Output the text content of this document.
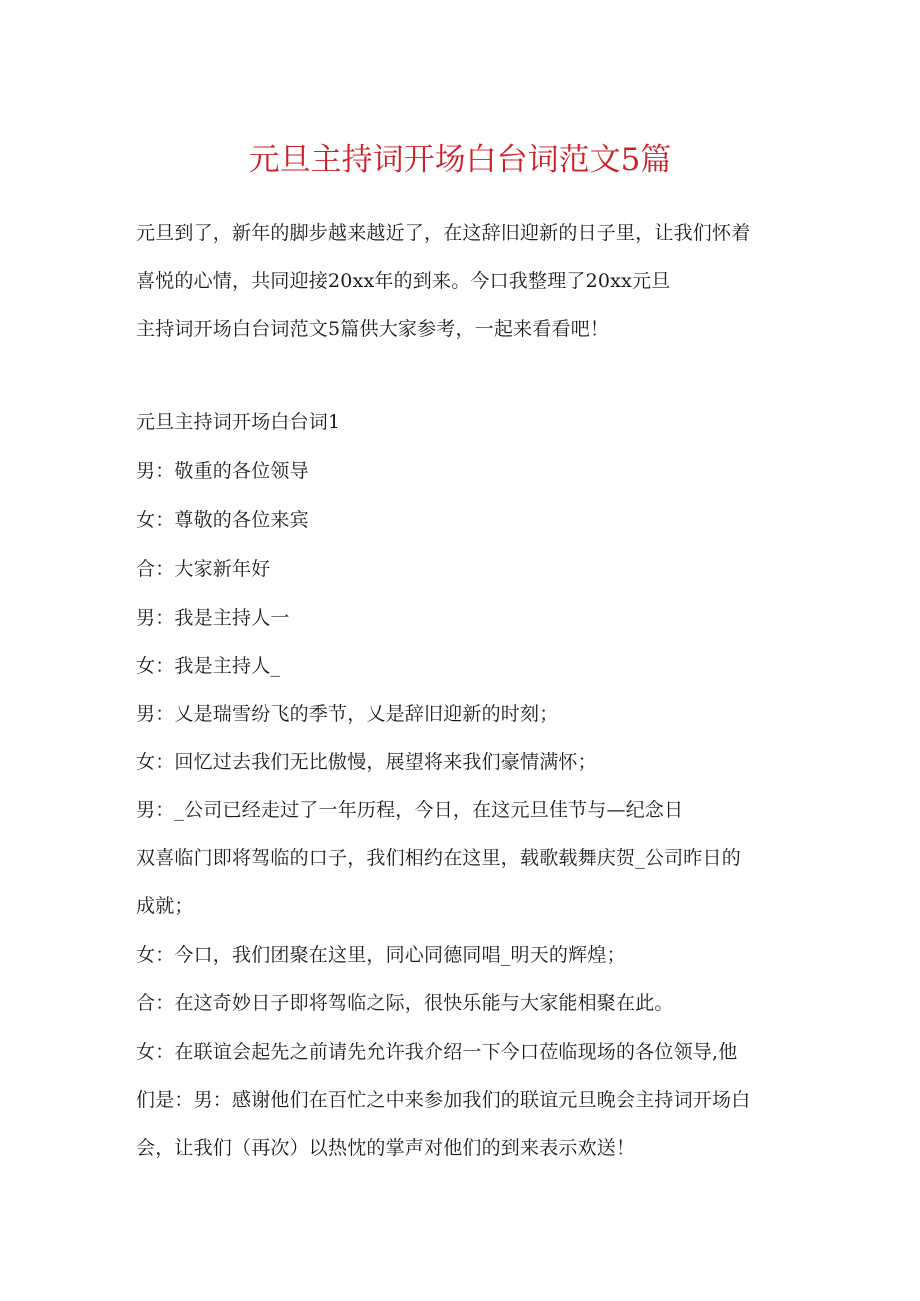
元旦主持词开场白台词范文5篇

元旦到了，新年的脚步越来越近了，在这辞旧迎新的日子里，让我们怀着

喜悦的心情，共同迎接20xx年的到来。今口我整理了20xx元旦

主持词开场白台词范文5篇供大家参考，一起来看看吧！

元旦主持词开场白台词1

男：敬重的各位领导

女：尊敬的各位来宾

合：大家新年好

男：我是主持人一

女：我是主持人_

男：乂是瑞雪纷飞的季节，乂是辞旧迎新的时刻；

女：回忆过去我们无比傲慢，展望将来我们豪情满怀；

男：_公司已经走过了一年历程，今日，在这元旦佳节与—纪念日

双喜临门即将驾临的口子，我们相约在这里，载歌载舞庆贺_公司昨日的

成就；

女：今口，我们团聚在这里，同心同德同唱_明天的辉煌；

合：在这奇妙日子即将驾临之际，很快乐能与大家能相聚在此。

女：在联谊会起先之前请先允许我介绍一下今口莅临现场的各位领导,他

们是：男：感谢他们在百忙之中来参加我们的联谊元旦晚会主持词开场白

会，让我们（再次）以热忱的掌声对他们的到来表示欢送！
